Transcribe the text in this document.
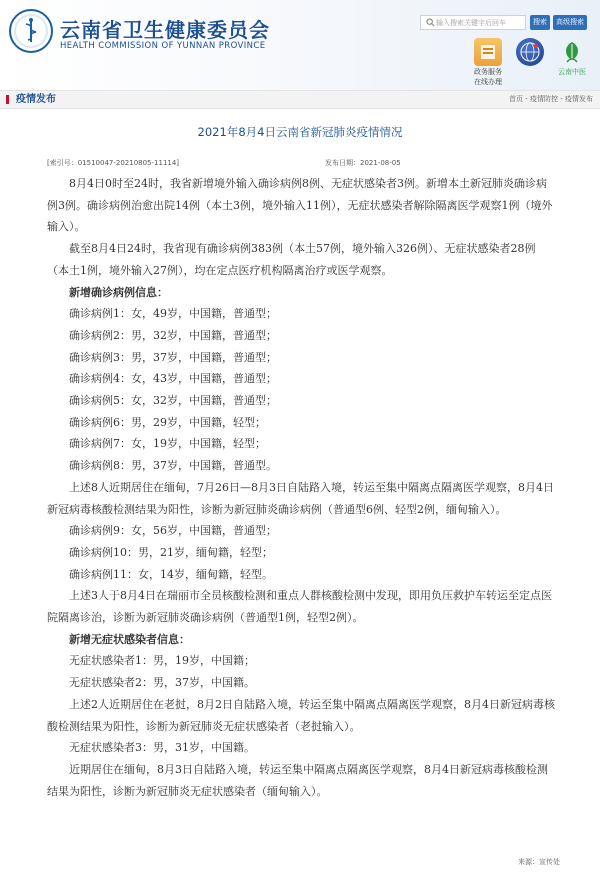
云南省卫生健康委员会
HEALTH COMMISSION OF YUNNAN PROVINCE
输入搜索关键字后回车
搜索	高级搜索
政务服务
在线办理
云南中医
疫情发布	首页 - 疫情防控 - 疫情发布
2021年8月4日云南省新冠肺炎疫情情况
[索引号：01510047-20210805-11114]	发布日期：2021-08-05

8月4日0时至24时，我省新增境外输入确诊病例8例、无症状感染者3例。新增本土新冠肺炎确诊病例3例。确诊病例治愈出院14例（本土3例，境外输入11例），无症状感染者解除隔离医学观察1例（境外输入）。

截至8月4日24时，我省现有确诊病例383例（本土57例，境外输入326例）、无症状感染者28例（本土1例，境外输入27例），均在定点医疗机构隔离治疗或医学观察。

新增确诊病例信息：

确诊病例1：女，49岁，中国籍，普通型；

确诊病例2：男，32岁，中国籍，普通型；

确诊病例3：男，37岁，中国籍，普通型；

确诊病例4：女，43岁，中国籍，普通型；

确诊病例5：女，32岁，中国籍，普通型；

确诊病例6：男，29岁，中国籍，轻型；

确诊病例7：女，19岁，中国籍，轻型；

确诊病例8：男，37岁，中国籍，普通型。

上述8人近期居住在缅甸，7月26日—8月3日自陆路入境，转运至集中隔离点隔离医学观察，8月4日新冠病毒核酸检测结果为阳性，诊断为新冠肺炎确诊病例（普通型6例、轻型2例，缅甸输入）。

确诊病例9：女，56岁，中国籍，普通型；

确诊病例10：男，21岁，缅甸籍，轻型；

确诊病例11：女，14岁，缅甸籍，轻型。

上述3人于8月4日在瑞丽市全员核酸检测和重点人群核酸检测中发现，即用负压救护车转运至定点医院隔离诊治，诊断为新冠肺炎确诊病例（普通型1例，轻型2例）。

新增无症状感染者信息：

无症状感染者1：男，19岁，中国籍；

无症状感染者2：男，37岁，中国籍。

上述2人近期居住在老挝，8月2日自陆路入境，转运至集中隔离点隔离医学观察，8月4日新冠病毒核酸检测结果为阳性，诊断为新冠肺炎无症状感染者（老挝输入）。

无症状感染者3：男，31岁，中国籍。

近期居住在缅甸，8月3日自陆路入境，转运至集中隔离点隔离医学观察，8月4日新冠病毒核酸检测结果为阳性，诊断为新冠肺炎无症状感染者（缅甸输入）。

来源：宣传处
